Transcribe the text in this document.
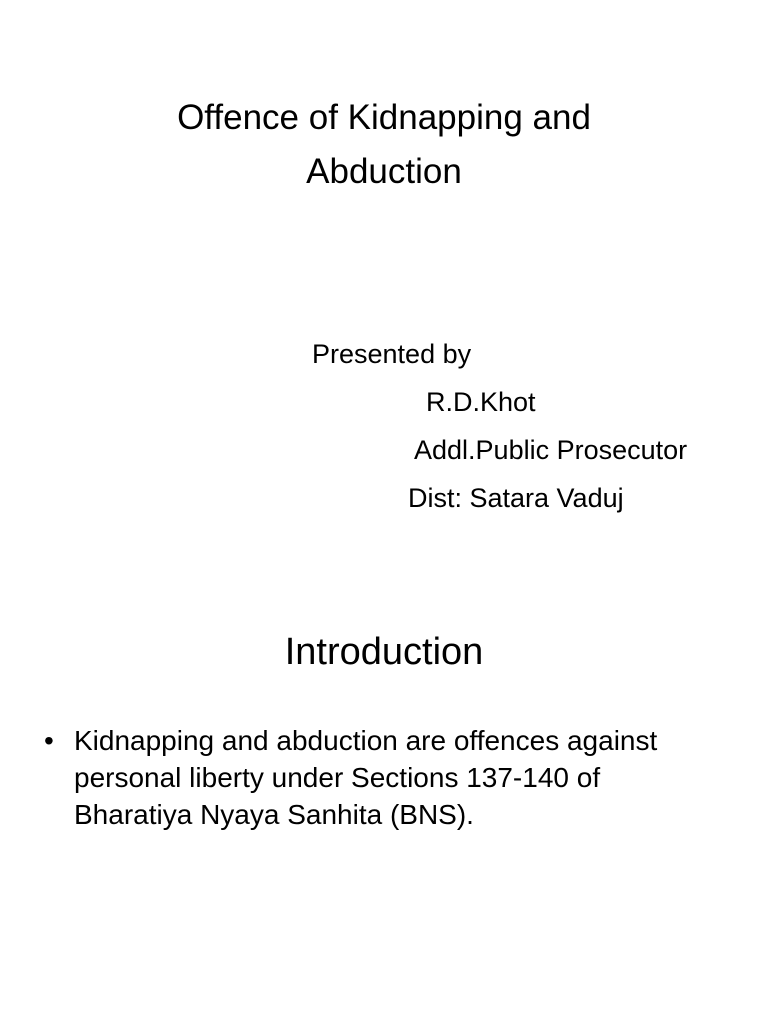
Offence of Kidnapping and
Abduction
Presented by
R.D.Khot
Addl.Public Prosecutor
Dist: Satara Vaduj
Introduction
• Kidnapping and abduction are offences against
personal liberty under Sections 137-140 of
Bharatiya Nyaya Sanhita (BNS).
